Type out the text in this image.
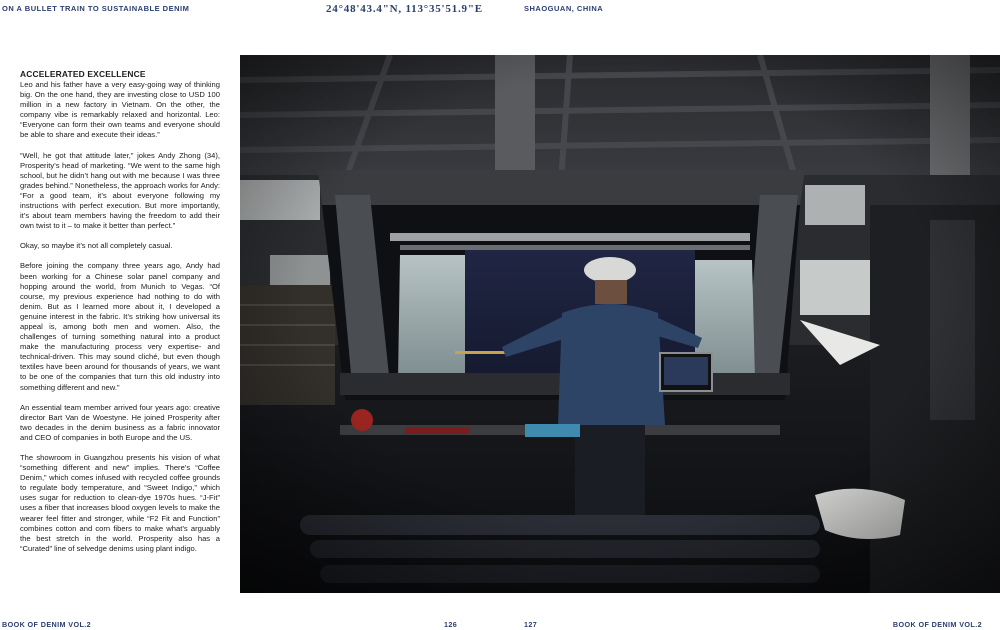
ON A BULLET TRAIN TO SUSTAINABLE DENIM	24°48'43.4"N, 113°35'51.9"E	SHAOGUAN, CHINA
ACCELERATED EXCELLENCE

Leo and his father have a very easy-going way of thinking big. On the one hand, they are investing close to USD 100 million in a new factory in Vietnam. On the other, the company vibe is remarkably relaxed and horizontal. Leo: “Everyone can form their own teams and everyone should be able to share and execute their ideas.”

“Well, he got that attitude later,” jokes Andy Zhong (34), Prosperity’s head of marketing. “We went to the same high school, but he didn’t hang out with me because I was three grades behind.” Nonetheless, the approach works for Andy: “For a good team, it’s about everyone following my instructions with perfect execution. But more importantly, it’s about team members having the freedom to add their own twist to it – to make it better than perfect.”

Okay, so maybe it’s not all completely casual.

Before joining the company three years ago, Andy had been working for a Chinese solar panel company and hopping around the world, from Munich to Vegas. “Of course, my previous experience had nothing to do with denim. But as I learned more about it, I developed a genuine interest in the fabric. It’s striking how universal its appeal is, among both men and women. Also, the challenges of turning something natural into a product make the manufacturing process very expertise- and technical-driven. This may sound cliché, but even though textiles have been around for thousands of years, we want to be one of the companies that turn this old industry into something different and new.”

An essential team member arrived four years ago: creative director Bart Van de Woestyne. He joined Prosperity after two decades in the denim business as a fabric innovator and CEO of companies in both Europe and the US.

The showroom in Guangzhou presents his vision of what “something different and new” implies. There’s “Coffee Denim,” which comes infused with recycled coffee grounds to regulate body temperature, and “Sweet Indigo,” which uses sugar for reduction to clean-dye 1970s hues. “J-Fit” uses a fiber that increases blood oxygen levels to make the wearer feel fitter and stronger, while “F2 Fit and Function” combines cotton and corn fibers to make what’s arguably the best stretch in the world. Prosperity also has a “Curated” line of selvedge denims using plant indigo.

BOOK OF DENIM VOL.2	126	127	BOOK OF DENIM VOL.2
